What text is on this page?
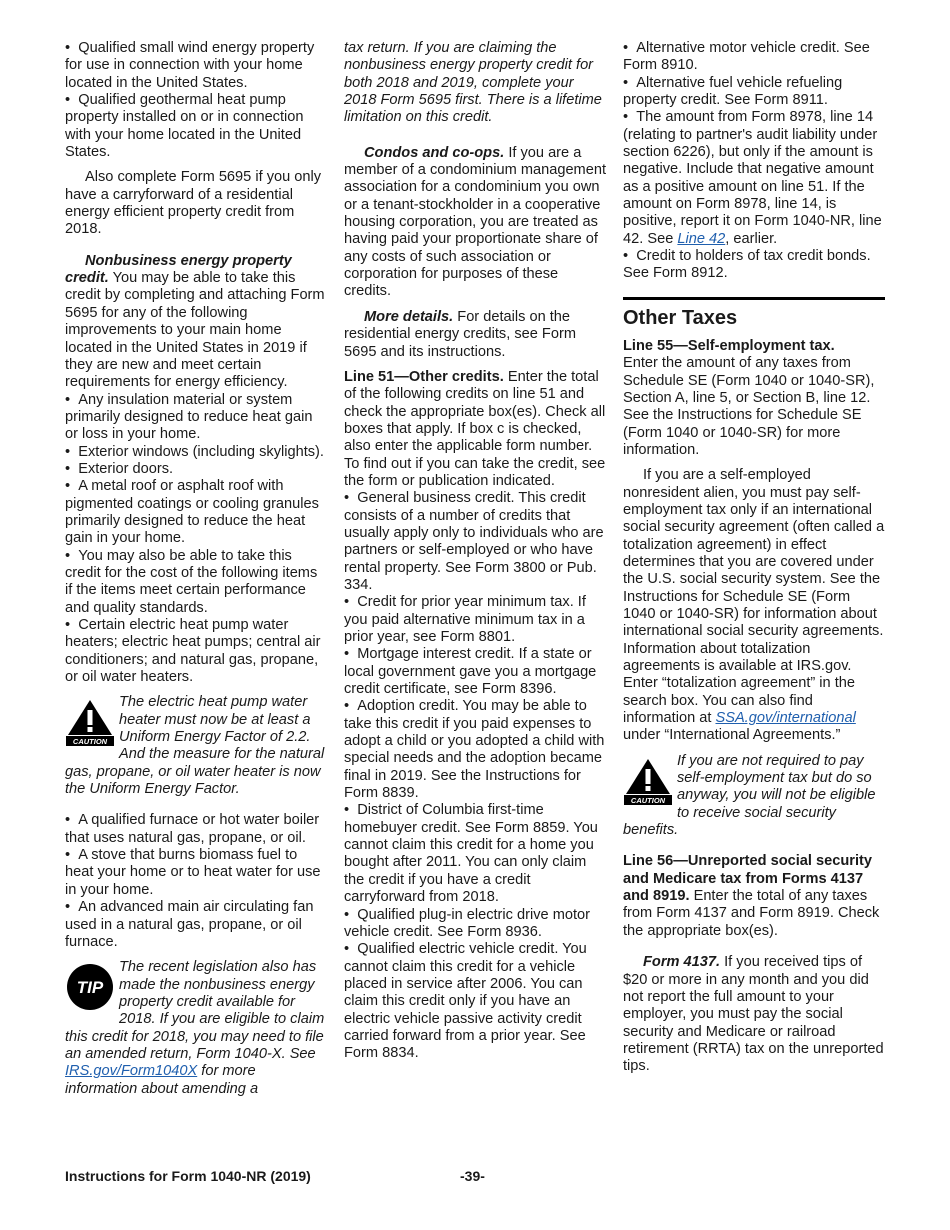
•  Qualified small wind energy property for use in connection with your home located in the United States.

•  Qualified geothermal heat pump property installed on or in connection with your home located in the United States.

Also complete Form 5695 if you only have a carryforward of a residential energy efficient property credit from 2018.

Nonbusiness energy property credit. You may be able to take this credit by completing and attaching Form 5695 for any of the following improvements to your main home located in the United States in 2019 if they are new and meet certain requirements for energy efficiency.

•  Any insulation material or system primarily designed to reduce heat gain or loss in your home.

•  Exterior windows (including skylights).

•  Exterior doors.

•  A metal roof or asphalt roof with pigmented coatings or cooling granules primarily designed to reduce the heat gain in your home.

•  You may also be able to take this credit for the cost of the following items if the items meet certain performance and quality standards.

•  Certain electric heat pump water heaters; electric heat pumps; central air conditioners; and natural gas, propane, or oil water heaters.

CAUTION
The electric heat pump water heater must now be at least a Uniform Energy Factor of 2.2. And the measure for the natural gas, propane, or oil water heater is now the Uniform Energy Factor.

•  A qualified furnace or hot water boiler that uses natural gas, propane, or oil.

•  A stove that burns biomass fuel to heat your home or to heat water for use in your home.

•  An advanced main air circulating fan used in a natural gas, propane, or oil furnace.

TIP
The recent legislation also has made the nonbusiness energy property credit available for 2018. If you are eligible to claim this credit for 2018, you may need to file an amended return, Form 1040-X. See IRS.gov/Form1040X for more information about amending a

tax return. If you are claiming the nonbusiness energy property credit for both 2018 and 2019, complete your 2018 Form 5695 first. There is a lifetime limitation on this credit.

Condos and co-ops. If you are a member of a condominium management association for a condominium you own or a tenant-stockholder in a cooperative housing corporation, you are treated as having paid your proportionate share of any costs of such association or corporation for purposes of these credits.

More details. For details on the residential energy credits, see Form 5695 and its instructions.

Line 51—Other credits. Enter the total of the following credits on line 51 and check the appropriate box(es). Check all boxes that apply. If box c is checked, also enter the applicable form number. To find out if you can take the credit, see the form or publication indicated.

•  General business credit. This credit consists of a number of credits that usually apply only to individuals who are partners or self-employed or who have rental property. See Form 3800 or Pub. 334.

•  Credit for prior year minimum tax. If you paid alternative minimum tax in a prior year, see Form 8801.

•  Mortgage interest credit. If a state or local government gave you a mortgage credit certificate, see Form 8396.

•  Adoption credit. You may be able to take this credit if you paid expenses to adopt a child or you adopted a child with special needs and the adoption became final in 2019. See the Instructions for Form 8839.

•  District of Columbia first-time homebuyer credit. See Form 8859. You cannot claim this credit for a home you bought after 2011. You can only claim the credit if you have a credit carryforward from 2018.

•  Qualified plug-in electric drive motor vehicle credit. See Form 8936.

•  Qualified electric vehicle credit. You cannot claim this credit for a vehicle placed in service after 2006. You can claim this credit only if you have an electric vehicle passive activity credit carried forward from a prior year. See Form 8834.

•  Alternative motor vehicle credit. See Form 8910.

•  Alternative fuel vehicle refueling property credit. See Form 8911.

•  The amount from Form 8978, line 14 (relating to partner's audit liability under section 6226), but only if the amount is negative. Include that negative amount as a positive amount on line 51. If the amount on Form 8978, line 14, is positive, report it on Form 1040-NR, line 42. See Line 42, earlier.

•  Credit to holders of tax credit bonds. See Form 8912.

Other Taxes

Line 55—Self-employment tax.

Enter the amount of any taxes from Schedule SE (Form 1040 or 1040-SR), Section A, line 5, or Section B, line 12. See the Instructions for Schedule SE (Form 1040 or 1040-SR) for more information.

If you are a self-employed nonresident alien, you must pay self-employment tax only if an international social security agreement (often called a totalization agreement) in effect determines that you are covered under the U.S. social security system. See the Instructions for Schedule SE (Form 1040 or 1040-SR) for information about international social security agreements. Information about totalization agreements is available at IRS.gov. Enter “totalization agreement” in the search box. You can also find information at SSA.gov/international under “International Agreements.”

CAUTION
If you are not required to pay self-employment tax but do so anyway, you will not be eligible to receive social security benefits.

Line 56—Unreported social security and Medicare tax from Forms 4137 and 8919. Enter the total of any taxes from Form 4137 and Form 8919. Check the appropriate box(es).

Form 4137. If you received tips of $20 or more in any month and you did not report the full amount to your employer, you must pay the social security and Medicare or railroad retirement (RRTA) tax on the unreported tips.

Instructions for Form 1040-NR (2019)	-39-
